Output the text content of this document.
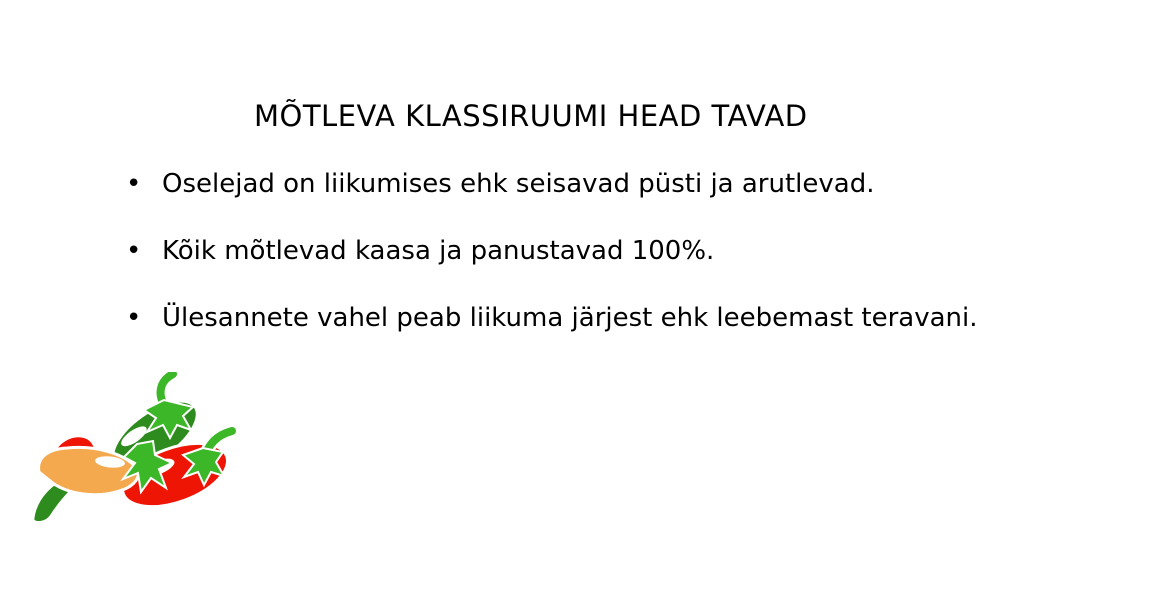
MÕTLEVA KLASSIRUUMI HEAD TAVAD
• Oselejad on liikumises ehk seisavad püsti ja arutlevad.
• Kõik mõtlevad kaasa ja panustavad 100%.
• Ülesannete vahel peab liikuma järjest ehk leebemast teravani.
